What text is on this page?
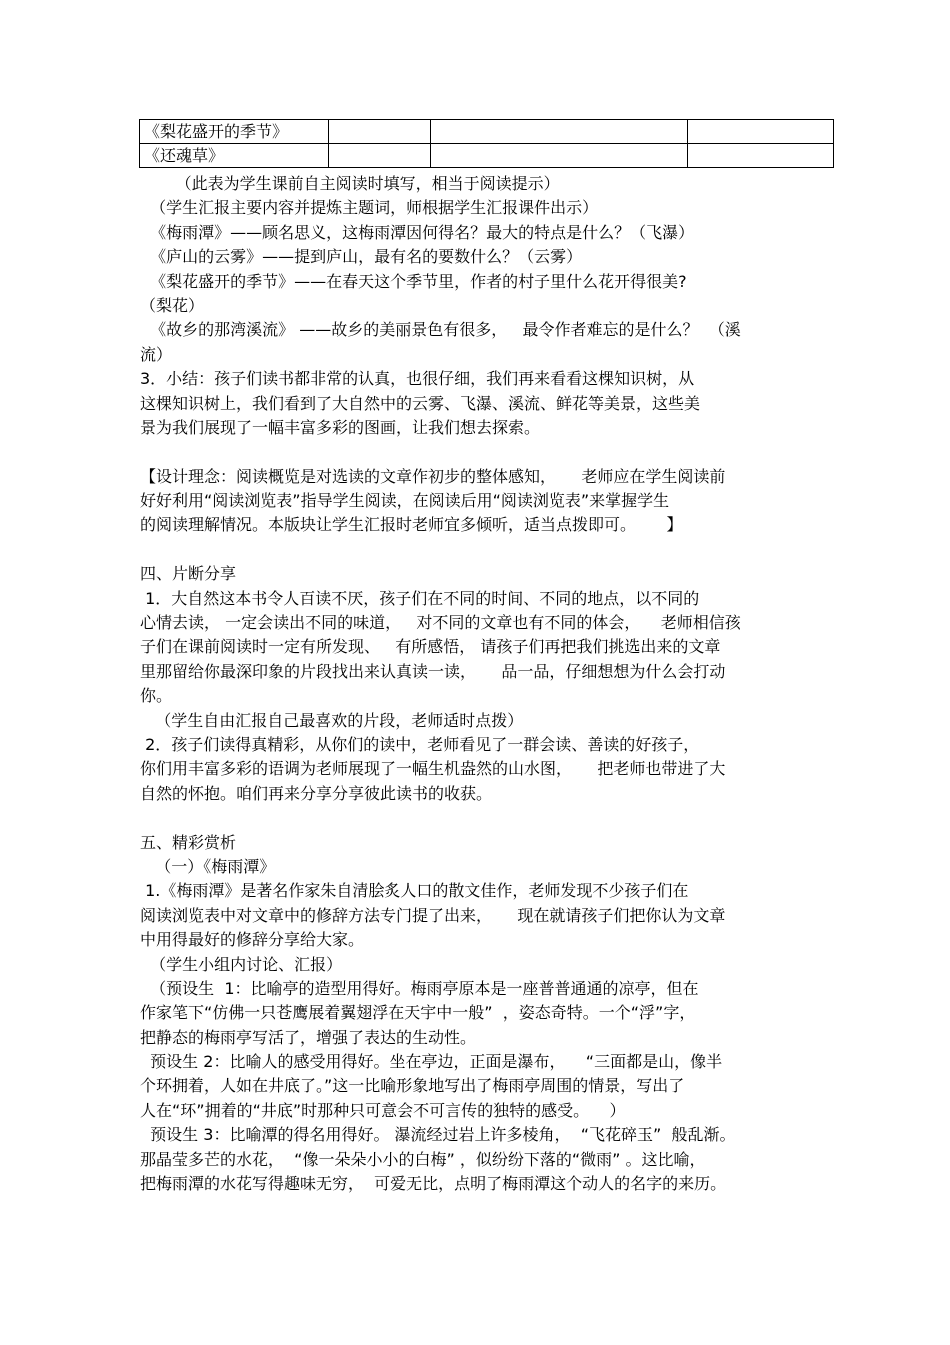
《梨花盛开的季节》			
《还魂草》			
（此表为学生课前自主阅读时填写，相当于阅读提示）
（学生汇报主要内容并提炼主题词，师根据学生汇报课件出示）
《梅雨潭》——顾名思义，这梅雨潭因何得名？最大的特点是什么？（飞瀑）
《庐山的云雾》——提到庐山，最有名的要数什么？（云雾）
《梨花盛开的季节》——在春天这个季节里，作者的村子里什么花开得很美?
（梨花）
《故乡的那湾溪流》 ——故乡的美丽景色有很多，   最令作者难忘的是什么？  （溪
流）
3．小结：孩子们读书都非常的认真，也很仔细，我们再来看看这棵知识树，从
这棵知识树上，我们看到了大自然中的云雾、飞瀑、溪流、鲜花等美景，这些美
景为我们展现了一幅丰富多彩的图画，让我们想去探索。
【设计理念：阅读概览是对选读的文章作初步的整体感知，     老师应在学生阅读前
好好利用“阅读浏览表”指导学生阅读，在阅读后用“阅读浏览表”来掌握学生
的阅读理解情况。本版块让学生汇报时老师宜多倾听，适当点拨即可。      】
四、片断分享
1．大自然这本书令人百读不厌，孩子们在不同的时间、不同的地点，以不同的
心情去读， 一定会读出不同的味道，   对不同的文章也有不同的体会，    老师相信孩
子们在课前阅读时一定有所发现、   有所感悟， 请孩子们再把我们挑选出来的文章
里那留给你最深印象的片段找出来认真读一读，     品一品，仔细想想为什么会打动
你。
（学生自由汇报自己最喜欢的片段，老师适时点拨）
2．孩子们读得真精彩，从你们的读中，老师看见了一群会读、善读的好孩子，
你们用丰富多彩的语调为老师展现了一幅生机盎然的山水图，     把老师也带进了大
自然的怀抱。咱们再来分享分享彼此读书的收获。
五、精彩赏析
（一）《梅雨潭》
1.《梅雨潭》是著名作家朱自清脍炙人口的散文佳作，老师发现不少孩子们在
阅读浏览表中对文章中的修辞方法专门提了出来，     现在就请孩子们把你认为文章
中用得最好的修辞分享给大家。
（学生小组内讨论、汇报）
（预设生  1：比喻亭的造型用得好。梅雨亭原本是一座普普通通的凉亭，但在
作家笔下“仿佛一只苍鹰展着翼翅浮在天宇中一般”  ，姿态奇特。一个“浮”字，
把静态的梅雨亭写活了，增强了表达的生动性。
预设生 2：比喻人的感受用得好。坐在亭边，正面是瀑布，    “三面都是山，像半
个环拥着，人如在井底了。”这一比喻形象地写出了梅雨亭周围的情景，写出了
人在“环”拥着的“井底”时那种只可意会不可言传的独特的感受。    ）
预设生 3：比喻潭的得名用得好。 瀑流经过岩上许多棱角，  “飞花碎玉”  般乱渐。
那晶莹多芒的水花，  “像一朵朵小小的白梅” ，似纷纷下落的“微雨” 。这比喻，
把梅雨潭的水花写得趣味无穷，  可爱无比，点明了梅雨潭这个动人的名字的来历。
